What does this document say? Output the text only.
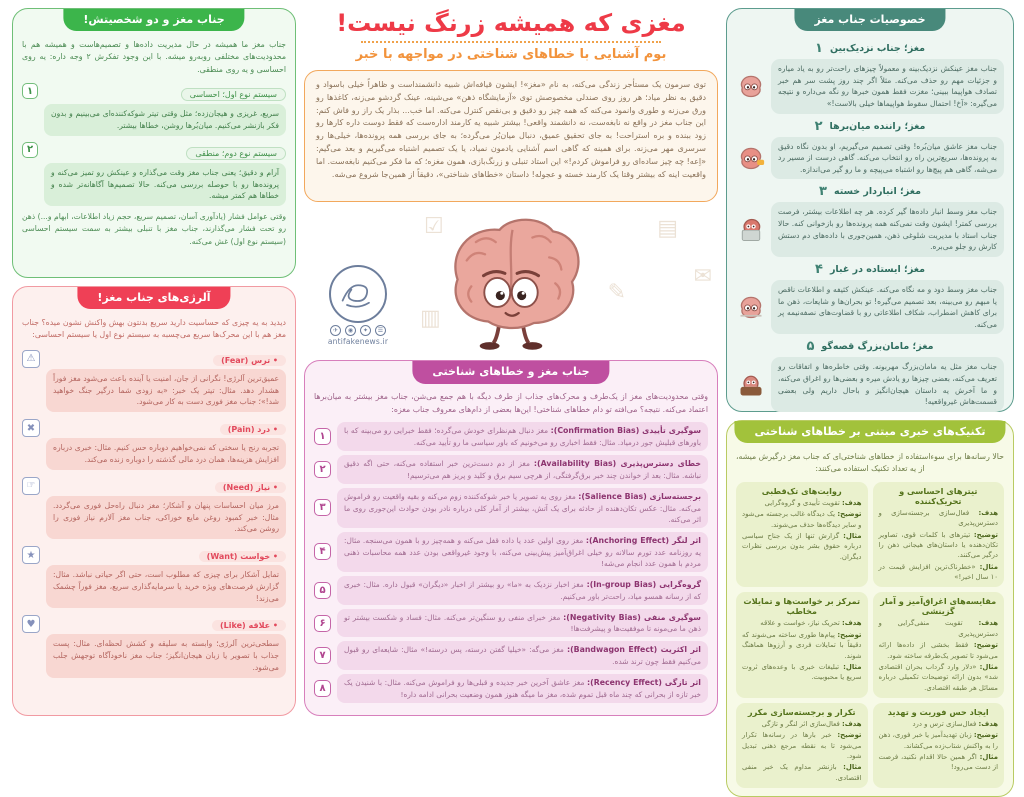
خصوصیات جناب مغز
۱ مغز؛ جناب نزدیک‌بین
جناب مغز عینکش نزدیک‌بینه و معمولاً چیزهای راحت‌تر رو به یاد میاره و جزئیات مهم رو حذف می‌کنه. مثلاً اگر چند روز پشت سر هم خبر تصادف هواپیما ببینی؛ مغزت فقط همون خبرها رو نگه می‌داره و نتیجه می‌گیره: «آخ! احتمال سقوط هواپیماها خیلی بالاست!»
۲ مغز؛ راننده میان‌برها
جناب مغز عاشق میان‌بُره! وقتی تصمیم می‌گیریم، او بدون نگاه دقیق به پرونده‌ها، سریع‌ترین راه رو انتخاب می‌کنه. گاهی درست از مسیر رد می‌شه، گاهی هم پیچ‌ها رو اشتباه می‌پیچه و ما رو گیر می‌اندازه.
۳ مغز؛ انباردار خسته
جناب مغز وسط انبار داده‌ها گیر کرده. هر چه اطلاعات بیشتر، فرصت بررسی کمتر! ایشون وقت نمی‌کنه همه پرونده‌ها رو بازخوانی کنه. حالا جناب استاد با مدیریت شلوغی ذهن، همین‌جوری با داده‌های دم دستش کارش رو جلو می‌بره.
۴ مغز؛ ایستاده در غبار
جناب مغز وسط دود و مه نگاه می‌کنه. عینکش کثیفه و اطلاعات ناقص یا مبهم رو می‌بینه، بعد تصمیم می‌گیره! تو بحران‌ها و شایعات، ذهن ما برای کاهش اضطراب، شکاف اطلاعاتی رو با قضاوت‌های نصفه‌نیمه پر می‌کنه.
۵ مغز؛ مامان‌بزرگ قصه‌گو
جناب مغز مثل یه مامان‌بزرگ مهربونه. وقتی خاطره‌ها و اتفاقات رو تعریف می‌کنه، بعضی چیزها رو یادش میره و بعضی‌ها رو اغراق می‌کنه، و ما آخرش یه داستان هیجان‌انگیز و باحال داریم ولی بعضی قسمت‌هاش غیرواقعیه!
تکنیک‌های خبری مبتنی بر خطاهای شناختی

حالا رسانه‌ها برای سوءاستفاده از خطاهای شناختی‌ای که جناب مغز درگیرش میشه، از یه تعداد تکنیک استفاده می‌کنند:

تیترهای احساسی و تحریک‌کننده

هدف: فعال‌سازی برجسته‌سازی و دسترس‌پذیری

توضیح: تیترهای با کلمات قوی، تصاویر تکان‌دهنده یا داستان‌های هیجانی ذهن را درگیر می‌کنند.

مثال: «خطرناک‌ترین افزایش قیمت در ۱۰ سال اخیر!»

روایت‌های تک‌قطبی

هدف: تقویت تأییدی و گروه‌گرایی

توضیح: یک دیدگاه غالب برجسته می‌شود و سایر دیدگاه‌ها حذف می‌شوند.

مثال: گزارش تنها از یک جناح سیاسی درباره حقوق بشر بدون بررسی نظرات دیگران.

مقایسه‌های اغراق‌آمیز و آمار گزینشی

هدف: تقویت منفی‌گرایی و دسترس‌پذیری

توضیح: فقط بخشی از داده‌ها ارائه می‌شود تا تصویر یک‌طرفه ساخته شود.

مثال: «دلار وارد گرداب بحران اقتصادی شد» بدون ارائه توضیحات تکمیلی درباره مسائل هر طبقه اقتصادی.

تمرکز بر خواست‌ها و تمایلات مخاطب

هدف: تحریک نیاز، خواست و علاقه

توضیح: پیام‌ها طوری ساخته می‌شوند که دقیقاً با تمایلات فردی و آرزوها هماهنگ شوند.

مثال: تبلیغات خبری با وعده‌های ثروت سریع یا محبوبیت.

ایجاد حس فوریت و تهدید

هدف: فعال‌سازی ترس و درد

توضیح: زبان تهدیدآمیز یا خبر فوری، ذهن را به واکنش شتاب‌زده می‌کشاند.

مثال: اگر همین حالا اقدام نکنید، فرصت از دست می‌رود!

تکرار و برجسته‌سازی مکرر

هدف: فعال‌سازی اثر لنگر و تازگی

توضیح: خبر بارها در رسانه‌ها تکرار می‌شود تا به نقطه مرجع ذهنی تبدیل شود.

مثال: بازنشر مداوم یک خبر منفی اقتصادی.

مغزی که همیشه زرنگ نیست!
بوم آشنایی با خطاهای شناختی در مواجهه با خبر
توی سرمون یک مستأجر زندگی می‌کنه، به نام «مغز»! ایشون قیافه‌اش شبیه دانشمنداست و ظاهراً خیلی باسواد و دقیق به نظر میاد؛ هر روز روی صندلی مخصوصش توی «آزمایشگاه ذهن» می‌شینه، عینک گردشو می‌زنه، کاغذها رو ورق می‌زنه و طوری وانمود می‌کنه که همه چیز رو دقیق و بی‌نقص کنترل می‌کنه. اما خب... بذار یک راز رو فاش کنم: این جناب مغز در واقع نه نابغه‌ست، نه دانشمند واقعی! بیشتر شبیه یه کارمند اداره‌ست که فقط دوست داره کارها رو زود ببنده و بره استراحت! به جای تحقیق عمیق، دنبال میان‌بُر می‌گرده؛ به جای بررسی همه پرونده‌ها، خیلی‌ها رو سرسری مهر می‌زنه. برای همینه که گاهی اسم آشنایی یادمون نمیاد، یا یک تصمیم اشتباه می‌گیریم و بعد می‌گیم: «اِعه! چه چیز ساده‌ای رو فراموش کردم!» این استاد تنبلی و زرنگ‌بازی، همون مغزه؛ که ما فکر می‌کنیم نابغه‌ست. اما واقعیت اینه که بیشتر وقتا یک کارمند خسته و عجوله! داستان «خطاهای شناختی»، دقیقاً از همین‌جا شروع می‌شه.
▤
✉
☑
✎
▥
✈	◉	✦	☰
antifakenews.ir
جناب مغز و خطاهای شناختی

وقتی محدودیت‌های مغز از یک‌طرف و محرک‌های جذاب از طرف دیگه با هم جمع می‌شن، جناب مغز بیشتر به میان‌برها اعتماد می‌کنه. نتیجه؟ می‌افته تو دام خطاهای شناختی! این‌ها بعضی از دام‌های معروف جناب مغزه:

۱
سوگیری تأییدی (Confirmation Bias): مغز دنبال هم‌نظرای خودش می‌گرده؛ فقط خبرایی رو می‌بینه که با باورهای قبلیش جور درمیاد. مثال: فقط اخباری رو می‌خونیم که باور سیاسی ما رو تأیید می‌کنه.
۲
خطای دسترس‌پذیری (Availability Bias): مغز از دم دست‌ترین خبر استفاده می‌کنه، حتی اگه دقیق نباشه. مثال: بعد از خواندن چند خبر برق‌گرفتگی، از هرچی سیم برق و کلید و پریز هم می‌ترسیم!
۳
برجسته‌سازی (Salience Bias): مغز روی یه تصویر یا خبر شوکه‌کننده زوم می‌کنه و بقیه واقعیت رو فراموش می‌کنه. مثال: عکس تکان‌دهنده از حادثه برای یک آتش، بیشتر از آمار کلی درباره نادر بودن حوادث این‌جوری روی ما اثر می‌کنه.
۴
اثر لنگر (Anchoring Effect): مغز روی اولین عدد یا داده قفل می‌کنه و همه‌چیز رو با همون می‌سنجه. مثال: یه روزنامه عدد تورم سالانه رو خیلی اغراق‌آمیز پیش‌بینی می‌کنه، با وجود غیرواقعی بودن عدد همه محاسبات ذهنی مردم با همون عدد انجام می‌شه!
۵
گروه‌گرایی (In-group Bias): مغز اخبار نزدیک به «ما» رو بیشتر از اخبار «دیگران» قبول داره. مثال: خبری که از رسانه همسو میاد، راحت‌تر باور می‌کنیم.
۶
سوگیری منفی (Negativity Bias): مغز خبرای منفی رو سنگین‌تر می‌کنه. مثال: فساد و شکست بیشتر تو ذهن ما می‌مونه تا موفقیت‌ها و پیشرفت‌ها!
۷
اثر اکثریت (Bandwagon Effect): مغز می‌گه: «خیلیا گفتن درسته، پس درسته!» مثال: شایعه‌ای رو قبول می‌کنیم فقط چون ترند شده.
۸
اثر تازگی (Recency Effect): مغز عاشق آخرین خبر جدیده و قبلی‌ها رو فراموش می‌کنه. مثال: با شنیدن یک خبر تازه از بحرانی که چند ماه قبل تموم شده، مغز ما میگه هنوز همون وضعیت بحرانی ادامه داره!
جناب مغز و دو شخصیتش!

جناب مغز ما همیشه در حال مدیریت داده‌ها و تصمیم‌هاست و همیشه هم با محدودیت‌های مختلفی روبه‌رو میشه. با این وجود تفکرش ۲ وجه داره: یه روی احساسی و یه روی منطقی.

۱	سیستم نوع اول؛ احساسی
سریع، غریزی و هیجان‌زده؛ مثل وقتی تیتر شوکه‌کننده‌ای می‌بینیم و بدون فکر بازنشر می‌کنیم. میان‌بُرها روشن، خطاها بیشتر.
۲	سیستم نوع دوم؛ منطقی
آرام و دقیق؛ یعنی جناب مغز وقت می‌گذاره و عینکش رو تمیز می‌کنه و پرونده‌ها رو با حوصله بررسی می‌کنه. حالا تصمیم‌ها آگاهانه‌تر شده و خطاها هم کمتر میشه.

وقتی عوامل فشار (یادآوری آسان، تصمیم سریع، حجم زیاد اطلاعات، ابهام و...) ذهن رو تحت فشار می‌گذارند، جناب مغز با تنبلی بیشتر به سمت سیستم احساسی (سیستم نوع اول) غش می‌کنه.

آلرژی‌های جناب مغز!

دیدید به یه چیزی که حساسیت دارید سریع بدنتون بهش واکنش نشون میده؟ جناب مغز هم با این محرک‌ها سریع می‌چسبه به سیستم نوع اول یا سیستم احساسی:

⚠	• ترس (Fear)
عمیق‌ترین آلرژی! نگرانی از جان، امنیت یا آینده باعث می‌شود مغز فوراً هشدار دهد. مثال: تیتر یک خبر: «به زودی شما درگیر جنگ خواهید شد!»؛ جناب مغز فوری دست به کار می‌شود.
✖	• درد (Pain)
تجربه رنج یا سختی که نمی‌خواهیم دوباره حس کنیم. مثال: خبری درباره افزایش هزینه‌ها، همان درد مالی گذشته را دوباره زنده می‌کند.
☞	• نیاز (Need)
مرز میان احساسات پنهان و آشکار؛ مغز دنبال راه‌حل فوری می‌گردد. مثال: خبر کمبود روغن مایع خوراکی، جناب مغز آلارم نیاز فوری را روشن می‌کند.
★	• خواست (Want)
تمایل آشکار برای چیزی که مطلوب است، حتی اگر حیاتی نباشد. مثال: گزارش فرصت‌های ویژه خرید یا سرمایه‌گذاری سریع، مغز فوراً چشمک می‌زند!
♥	• علاقه (Like)
سطحی‌ترین آلرژی؛ وابسته به سلیقه و کشش لحظه‌ای. مثال: پست جذاب با تصویر یا زبان هیجان‌انگیز؛ جناب مغز ناخودآگاه توجهش جلب می‌شود.
